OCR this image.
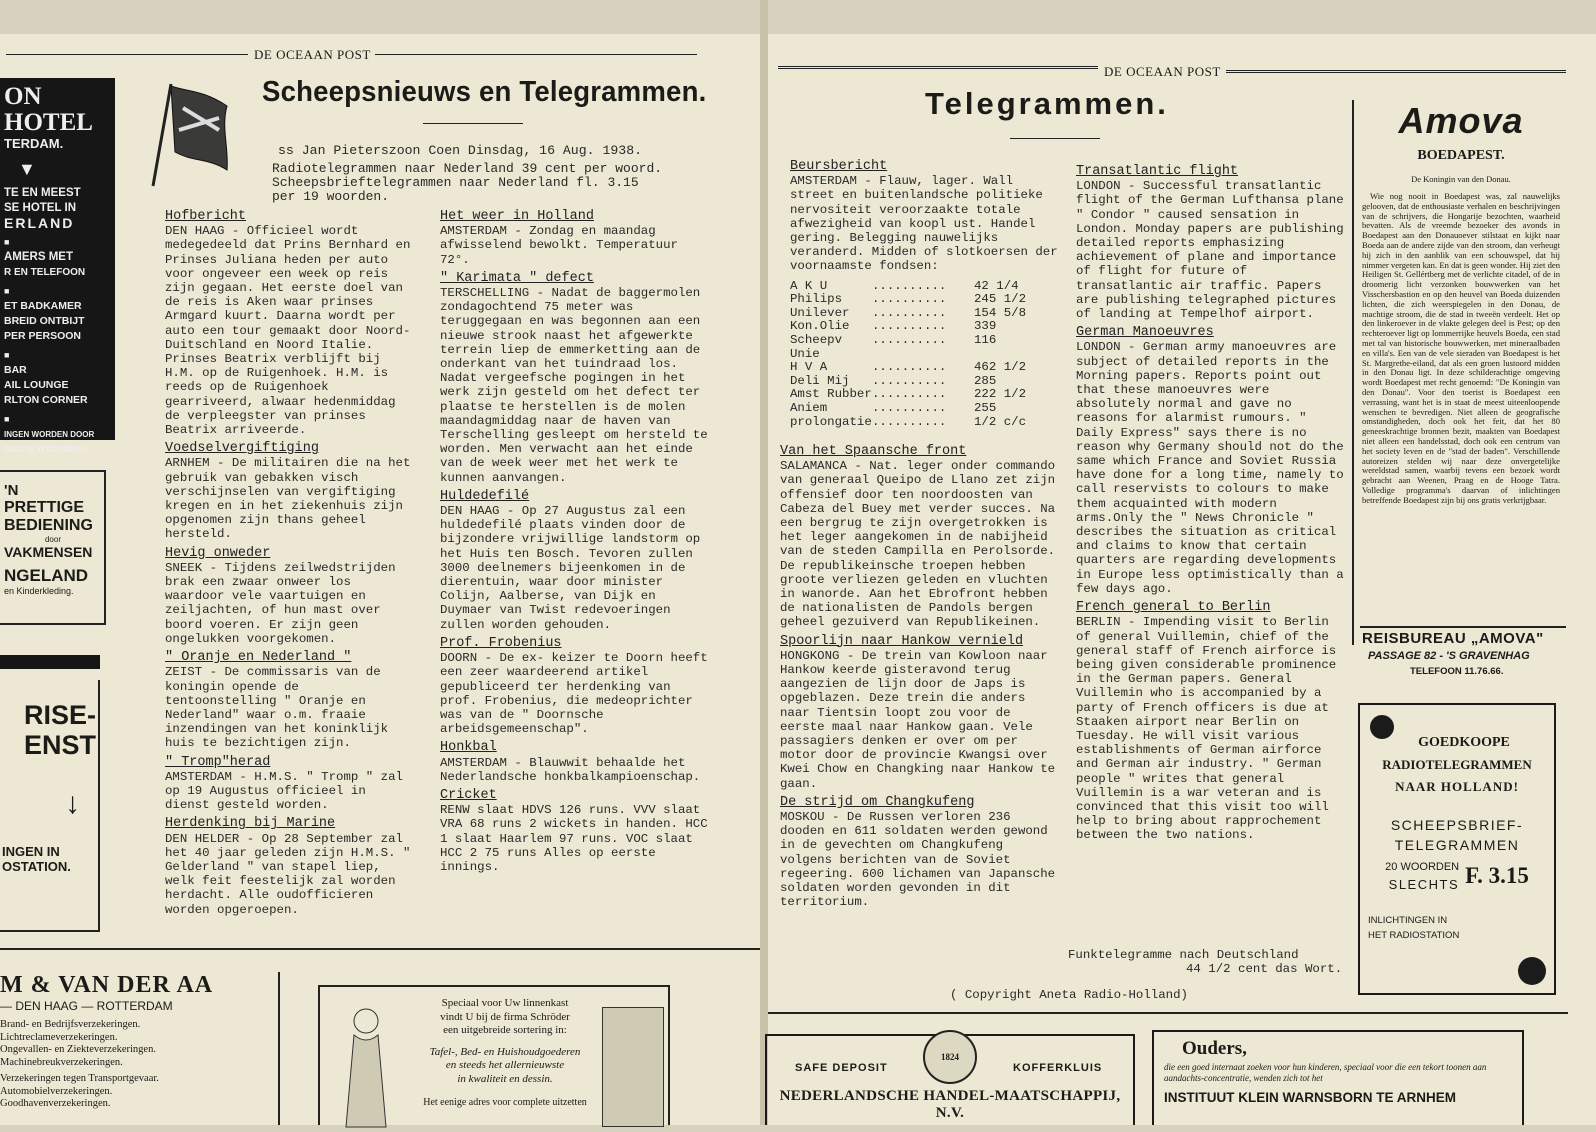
DE OCEAAN POST
Scheepsnieuws en Telegrammen.
ss Jan Pieterszoon Coen Dinsdag, 16 Aug. 1938.
Radiotelegrammen naar Nederland 39 cent per woord.
Scheepsbrieftelegrammen naar Nederland fl. 3.15
per 19 woorden.
Hofbericht

DEN HAAG - Officieel wordt medegedeeld dat Prins Bernhard en Prinses Juliana heden per auto voor ongeveer een week op reis zijn gegaan. Het eerste doel van de reis is Aken waar prinses Armgard kuurt. Daarna wordt per auto een tour gemaakt door Noord-Duitschland en Noord Italie. Prinses Beatrix verblijft bij H.M. op de Ruigenhoek. H.M. is reeds op de Ruigenhoek gearriveerd, alwaar hedenmiddag de verpleegster van prinses Beatrix arriveerde.

Voedselvergiftiging

ARNHEM - De militairen die na het gebruik van gebakken visch verschijnselen van vergiftiging kregen en in het ziekenhuis zijn opgenomen zijn thans geheel hersteld.

Hevig onweder

SNEEK - Tijdens zeilwedstrijden brak een zwaar onweer los waardoor vele vaartuigen en zeiljachten, of hun mast over boord voeren. Er zijn geen ongelukken voorgekomen.

" Oranje en Nederland "

ZEIST - De commissaris van de koningin opende de tentoonstelling " Oranje en Nederland" waar o.m. fraaie inzendingen van het koninklijk huis te bezichtigen zijn.

" Tromp"herad

AMSTERDAM - H.M.S. " Tromp " zal op 19 Augustus officieel in dienst gesteld worden.

Herdenking bij Marine

DEN HELDER - Op 28 September zal het 40 jaar geleden zijn H.M.S. " Gelderland " van stapel liep, welk feit feestelijk zal worden herdacht. Alle oudofficieren worden opgeroepen.

Het weer in Holland

AMSTERDAM - Zondag en maandag afwisselend bewolkt. Temperatuur 72°.

" Karimata " defect

TERSCHELLING - Nadat de baggermolen zondagochtend 75 meter was teruggegaan en was begonnen aan een nieuwe strook naast het afgewerkte terrein liep de emmerketting aan de onderkant van het tuindraad los. Nadat vergeefsche pogingen in het werk zijn gesteld om het defect ter plaatse te herstellen is de molen maandagmiddag naar de haven van Terschelling gesleept om hersteld te worden. Men verwacht aan het einde van de week weer met het werk te kunnen aanvangen.

Huldedefilé

DEN HAAG - Op 27 Augustus zal een huldedefilé plaats vinden door de bijzondere vrijwillige landstorm op het Huis ten Bosch. Tevoren zullen 3000 deelnemers bijeenkomen in de dierentuin, waar door minister Colijn, Aalberse, van Dijk en Duymaer van Twist redevoeringen zullen worden gehouden.

Prof. Frobenius

DOORN - De ex- keizer te Doorn heeft een zeer waardeerend artikel gepubliceerd ter herdenking van prof. Frobenius, die medeoprichter was van de " Doornsche arbeidsgemeenschap".

Honkbal

AMSTERDAM - Blauwwit behaalde het Nederlandsche honkbalkampioenschap.

Cricket

RENW slaat HDVS 126 runs. VVV slaat VRA 68 runs 2 wickets in handen. HCC 1 slaat Haarlem 97 runs. VOC slaat HCC 2 75 runs Alles op eerste innings.

ON HOTEL
TERDAM.
▼
TE EN MEEST
SE HOTEL IN
ERLAND
■
AMERS MET
R EN TELEFOON
■
ET BADKAMER
BREID ONTBIJT
PER PERSOON
■
BAR
AIL LOUNGE
RLTON CORNER
■
INGEN WORDEN DOOR
GRATIS VERZONDEN.
'N
PRETTIGE
BEDIENING
door
VAKMENSEN
NGELAND
en Kinderkleding.
RISE-
ENST
↓
INGEN IN
OSTATION.
M & VAN DER AA
— DEN HAAG — ROTTERDAM
Brand- en Bedrijfsverzekeringen.
Lichtreclameverzekeringen.
Ongevallen- en Ziekteverzekeringen.
Machinebreukverzekeringen.
Verzekeringen tegen Transportgevaar.
Automobielverzekeringen.
Goodhavenverzekeringen.
Speciaal voor Uw linnenkast
vindt U bij de firma Schröder
een uitgebreide sortering in:
Tafel-, Bed- en Huishoudgoederen
en steeds het allernieuwste
in kwaliteit en dessin.
Het eenige adres voor complete uitzetten
DE OCEAAN POST
Telegrammen.
Beursbericht

AMSTERDAM - Flauw, lager. Wall street en buitenlandsche politieke nervositeit veroorzaakte totale afwezigheid van koopl ust. Handel gering. Belegging nauwelijks veranderd. Midden of slotkoersen der voornaamste fondsen:

A K U	..........	42 1/4
Philips	..........	245 1/2
Unilever	..........	154 5/8
Kon.Olie	..........	339
Scheepv Unie
..........	116
H V A	..........	462 1/2
Deli Mij	..........	285
Amst Rubber ..........	222 1/2
Aniem	..........	255
prolongatie ..........	1/2 c/c
Van het Spaansche front

SALAMANCA - Nat. leger onder commando van generaal Queipo de Llano zet zijn offensief door ten noordoosten van Cabeza del Buey met verder succes. Na een bergrug te zijn overgetrokken is het leger aangekomen in de nabijheid van de steden Campilla en Perolsorde. De republikeinsche troepen hebben groote verliezen geleden en vluchten in wanorde. Aan het Ebrofront hebben de nationalisten de Pandols bergen geheel gezuiverd van Republikeinen.

Spoorlijn naar Hankow vernield

HONGKONG - De trein van Kowloon naar Hankow keerde gisteravond terug aangezien de lijn door de Japs is opgeblazen. Deze trein die anders naar Tientsin loopt zou voor de eerste maal naar Hankow gaan. Vele passagiers denken er over om per motor door de provincie Kwangsi over Kwei Chow en Changking naar Hankow te gaan.

De strijd om Changkufeng

MOSKOU - De Russen verloren 236 dooden en 611 soldaten werden gewond in de gevechten om Changkufeng volgens berichten van de Soviet regeering. 600 lichamen van Japansche soldaten worden gevonden in dit territorium.

Transatlantic flight

LONDON - Successful transatlantic flight of the German Lufthansa plane " Condor " caused sensation in London. Monday papers are publishing detailed reports emphasizing achievement of plane and importance of flight for future of transatlantic air traffic. Papers are publishing telegraphed pictures of landing at Tempelhof airport.

German Manoeuvres

LONDON - German army manoeuvres are subject of detailed reports in the Morning papers. Reports point out that these manoeuvres were absolutely normal and gave no reasons for alarmist rumours. " Daily Express" says there is no reason why Germany should not do the same which France and Soviet Russia have done for a long time, namely to call reservists to colours to make them acquainted with modern arms.Only the " News Chronicle " describes the situation as critical and claims to know that certain quarters are regarding developments in Europe less optimistically than a few days ago.

French general to Berlin

BERLIN - Impending visit to Berlin of general Vuillemin, chief of the general staff of French airforce is being given considerable prominence in the German papers. General Vuillemin who is accompanied by a party of French officers is due at Staaken airport near Berlin on Tuesday. He will visit various establishments of German airforce and German air industry. " German people " writes that general Vuillemin is a war veteran and is convinced that this visit too will help to bring about rapprochement between the two nations.

Funktelegramme nach Deutschland
44 1/2 cent das Wort.
( Copyright Aneta Radio-Holland)
Amova
BOEDAPEST.
De Koningin van den Donau.
Wie nog nooit in Boedapest was, zal nauwelijks gelooven, dat de enthousiaste verhalen en beschrijvingen van de schrijvers, die Hongarije bezochten, waarheid bevatten. Als de vreemde bezoeker des avonds in Boedapest aan den Donauoever stilstaat en kijkt naar Boeda aan de andere zijde van den stroom, dan verheugt hij zich in den aanblik van een schouwspel, dat hij nimmer vergeten kan. En dat is geen wonder. Hij ziet den Heiligen St. Gellértberg met de verlichte citadel, of de in droomerig licht verzonken bouwwerken van het Visschersbastion en op den heuvel van Boeda duizenden lichten, die zich weerspiegelen in den Donau, de machtige stroom, die de stad in tweeën verdeelt. Het op den linkeroever in de vlakte gelegen deel is Pest; op den rechteroever ligt op lommerrijke heuvels Boeda, een stad met tal van historische bouwwerken, met mineraalbaden en villa's. Een van de vele sieraden van Boedapest is het St. Margrethe-eiland, dat als een groen lustoord midden in den Donau ligt. In deze schilderachtige omgeving wordt Boedapest met recht genoemd: "De Koningin van den Donau". Voor den toerist is Boedapest een verrassing, want het is in staat de meest uiteenloopende wenschen te bevredigen. Niet alleen de geografische omstandigheden, doch ook het feit, dat het 80 geneeskrachtige bronnen bezit, maakten van Boedapest niet alleen een handelsstad, doch ook een centrum van het society leven en de "stad der baden". Verschillende autoreizen stelden wij naar deze onvergetelijke wereldstad samen, waarbij tevens een bezoek wordt gebracht aan Weenen, Praag en de Hooge Tatra. Volledige programma's daarvan of inlichtingen betreffende Boedapest zijn bij ons gratis verkrijgbaar.
REISBUREAU „AMOVA"
PASSAGE 82 - 'S GRAVENHAG
TELEFOON 11.76.66.
GOEDKOOPE
RADIOTELEGRAMMEN
NAAR HOLLAND!
SCHEEPSBRIEF-
TELEGRAMMEN
20 WOORDEN
SLECHTS F. 3.15
INLICHTINGEN IN
HET RADIOSTATION
SAFE DEPOSIT
1824
KOFFERKLUIS
NEDERLANDSCHE HANDEL-MAATSCHAPPIJ, N.V.
Ouders,
die een goed internaat zoeken voor hun kinderen, speciaal voor die een tekort toonen aan aandachts-concentratie, wenden zich tot het
INSTITUUT KLEIN WARNSBORN TE ARNHEM
